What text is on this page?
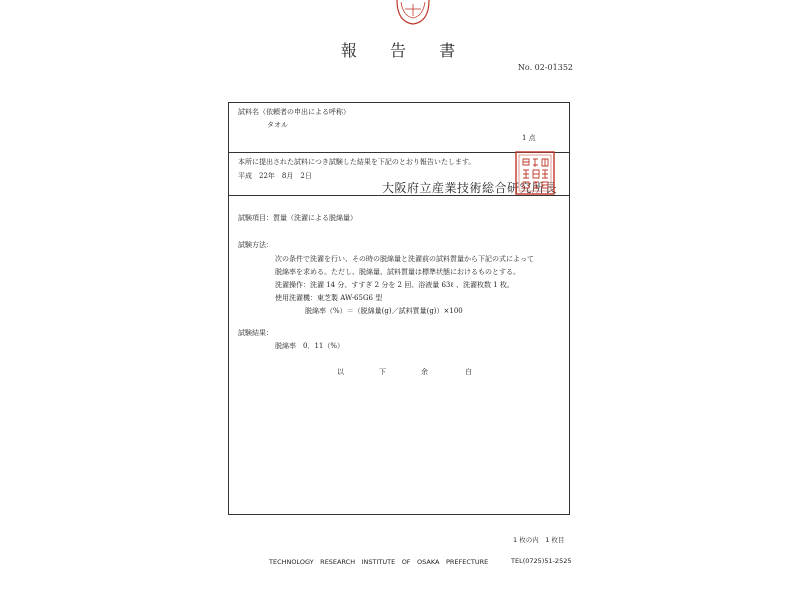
報 告 書
No. 02-01352
試料名（依頼者の申出による呼称）
タオル
1 点
本所に提出された試料につき試験した結果を下記のとおり報告いたします。
平成　22年　8月　2日
大阪府立産業技術総合研究所長
試験項目：質量（洗濯による脱綿量）
試験方法：
次の条件で洗濯を行い、その時の脱綿量と洗濯前の試料質量から下記の式によって
脱綿率を求める。ただし、脱綿量、試料質量は標準状態におけるものとする。
洗濯操作：洗濯 14 分、すすぎ 2 分を 2 回、浴液量 63ℓ 、洗濯枚数 1 枚。
使用洗濯機：東芝製 AW-65G6 型
脱綿率（%）＝（脱綿量(g)／試料質量(g)）×100
試験結果：
脱綿率　0．11（%）
以	下	余	白
1 枚の内　1 枚目
TECHNOLOGY　RESEARCH　INSTITUTE　OF　OSAKA　PREFECTURE	TEL(0725)51-2525
